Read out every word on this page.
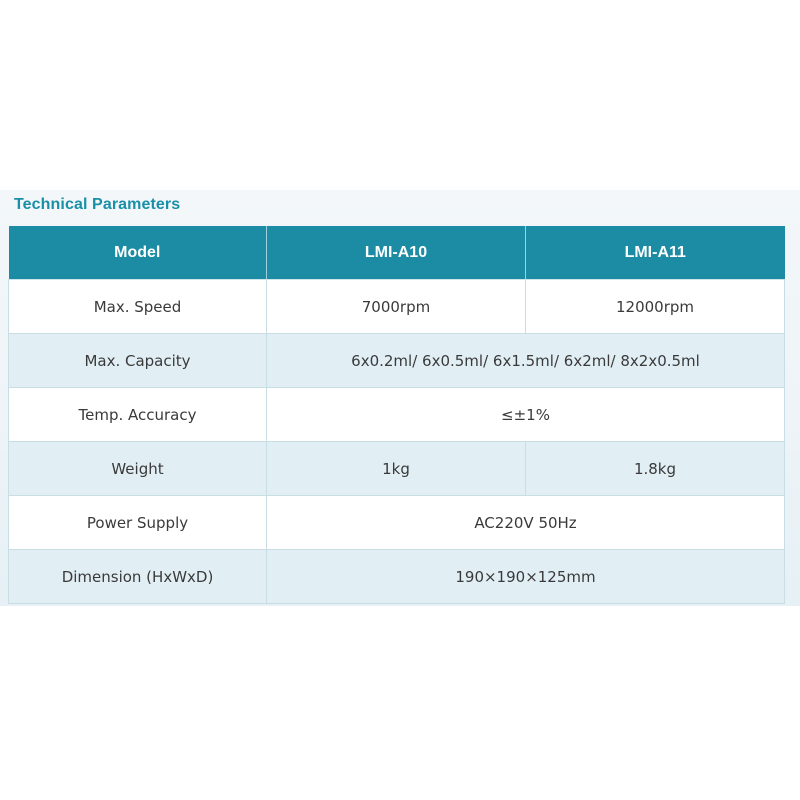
Technical Parameters
Model	LMI-A10	LMI-A11
Max. Speed	7000rpm	12000rpm
Max. Capacity	6x0.2ml/ 6x0.5ml/ 6x1.5ml/ 6x2ml/ 8x2x0.5ml	
Temp. Accuracy	≤±1%	
Weight	1kg	1.8kg
Power Supply	AC220V 50Hz	
Dimension (HxWxD)	190×190×125mm	
